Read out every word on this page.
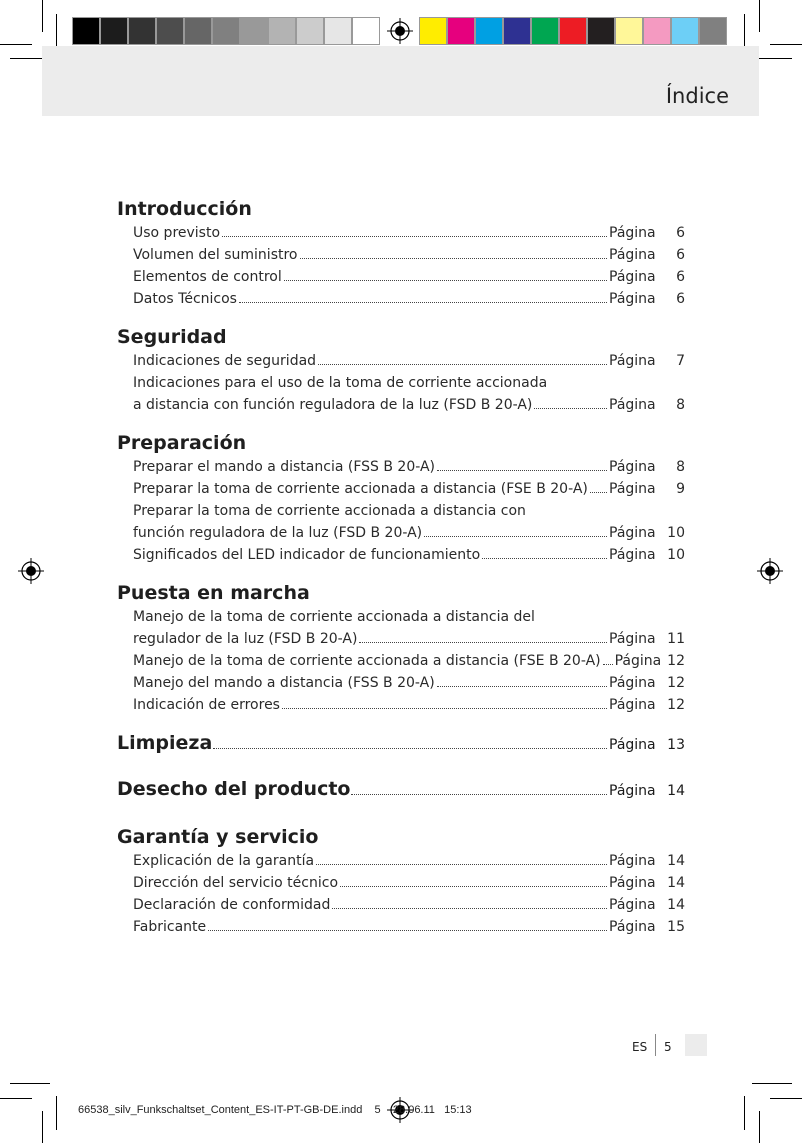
Índice
Introducción
Uso previsto	Página	6
Volumen del suministro	Página	6
Elementos de control	Página	6
Datos Técnicos	Página	6
Seguridad
Indicaciones de seguridad	Página	7
Indicaciones para el uso de la toma de corriente accionada
a distancia con función reguladora de la luz (FSD B 20-A)	Página	8
Preparación
Preparar el mando a distancia (FSS B 20-A)	Página	8
Preparar la toma de corriente accionada a distancia (FSE B 20-A) Página	9
Preparar la toma de corriente accionada a distancia con
función reguladora de la luz (FSD B 20-A)	Página 10
Significados del LED indicador de funcionamiento	Página 10
Puesta en marcha
Manejo de la toma de corriente accionada a distancia del
regulador de la luz (FSD B 20-A)	Página 11
Manejo de la toma de corriente accionada a distancia (FSE B 20-A) Página 12
Manejo del mando a distancia (FSS B 20-A)	Página 12
Indicación de errores	Página 12
Limpieza	Página 13
Desecho del producto	Página 14
Garantía y servicio
Explicación de la garantía	Página 14
Dirección del servicio técnico	Página 14
Declaración de conformidad	Página 14
Fabricante	Página 15
ES 5
66538_silv_Funkschaltset_Content_ES-IT-PT-GB-DE.indd 5 28.06.11 15:13
